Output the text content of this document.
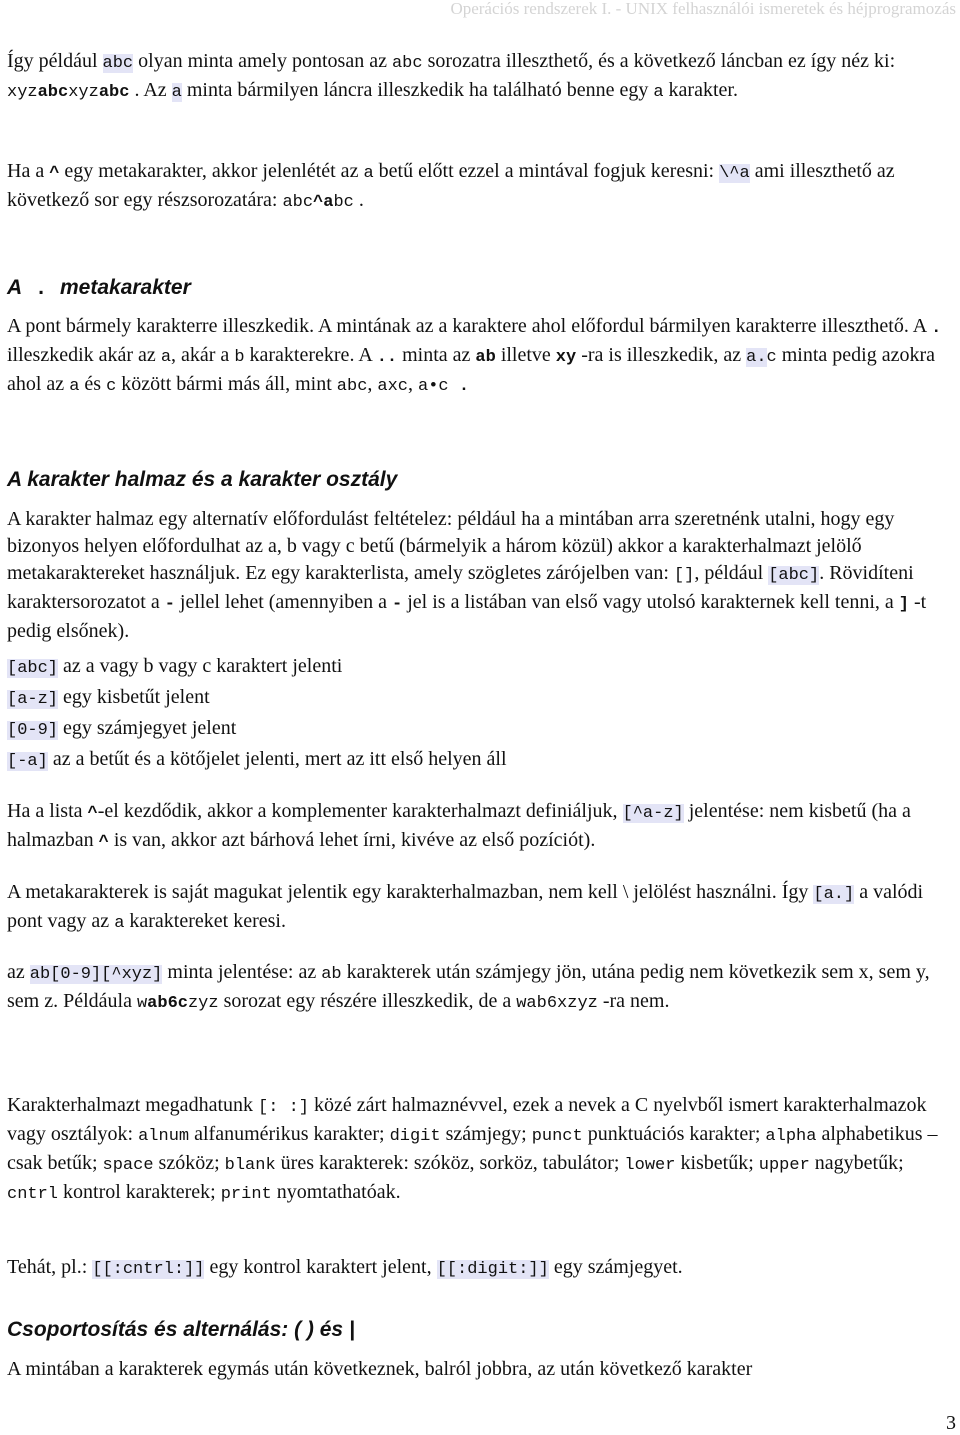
Operációs rendszerek I. - UNIX felhasználói ismeretek és héjprogramozás
Így például abc olyan minta amely pontosan az abc sorozatra illeszthető, és a következő láncban ez így néz ki: xyzabcxyzabc . Az a minta bármilyen láncra illeszkedik ha található benne egy a karakter.
Ha a ^ egy metakarakter, akkor jelenlétét az a betű előtt ezzel a mintával fogjuk keresni: \^a ami illeszthető az következő sor egy részsorozatára: abc^abc .
A . metakarakter
A pont bármely karakterre illeszkedik. A mintának az a karaktere ahol előfordul bármilyen karakterre illeszthető. A . illeszkedik akár az a, akár a b karakterekre. A .. minta az ab illetve xy -ra is illeszkedik, az a.c minta pedig azokra ahol az a és c között bármi más áll, mint abc, axc, a•c .
A karakter halmaz és a karakter osztály
A karakter halmaz egy alternatív előfordulást feltételez: például ha a mintában arra szeretnénk utalni, hogy egy bizonyos helyen előfordulhat az a, b vagy c betű (bármelyik a három közül) akkor a karakterhalmazt jelölő metakaraktereket használjuk. Ez egy karakterlista, amely szögletes zárójelben van: [], például [abc]. Rövidíteni karaktersorozatot a - jellel lehet (amennyiben a - jel is a listában van első vagy utolsó karakternek kell tenni, a ] -t pedig elsőnek).
[abc] az a vagy b vagy c karaktert jelenti
[a-z] egy kisbetűt jelent
[0-9] egy számjegyet jelent
[-a] az a betűt és a kötőjelet jelenti, mert az itt első helyen áll
Ha a lista ^-el kezdődik, akkor a komplementer karakterhalmazt definiáljuk, [^a-z] jelentése: nem kisbetű (ha a halmazban ^ is van, akkor azt bárhová lehet írni, kivéve az első pozíciót).
A metakarakterek is saját magukat jelentik egy karakterhalmazban, nem kell \ jelölést használni. Így [a.] a valódi pont vagy az a karaktereket keresi.
az ab[0-9][^xyz] minta jelentése: az ab karakterek után számjegy jön, utána pedig nem következik sem x, sem y, sem z. Példáula wab6czyz sorozat egy részére illeszkedik, de a wab6xzyz -ra nem.
Karakterhalmazt megadhatunk [: :] közé zárt halmaznévvel, ezek a nevek a C nyelvből ismert karakterhalmazok vagy osztályok: alnum alfanumérikus karakter; digit számjegy; punct punktuációs karakter; alpha alphabetikus – csak betűk; space szóköz; blank üres karakterek: szóköz, sorköz, tabulátor; lower kisbetűk; upper nagybetűk; cntrl kontrol karakterek; print nyomtathatóak.
Tehát, pl.: [[:cntrl:]] egy kontrol karaktert jelent, [[:digit:]] egy számjegyet.
Csoportosítás és alternálás: ( ) és |
A mintában a karakterek egymás után következnek, balról jobbra, az után következő karakter
3
